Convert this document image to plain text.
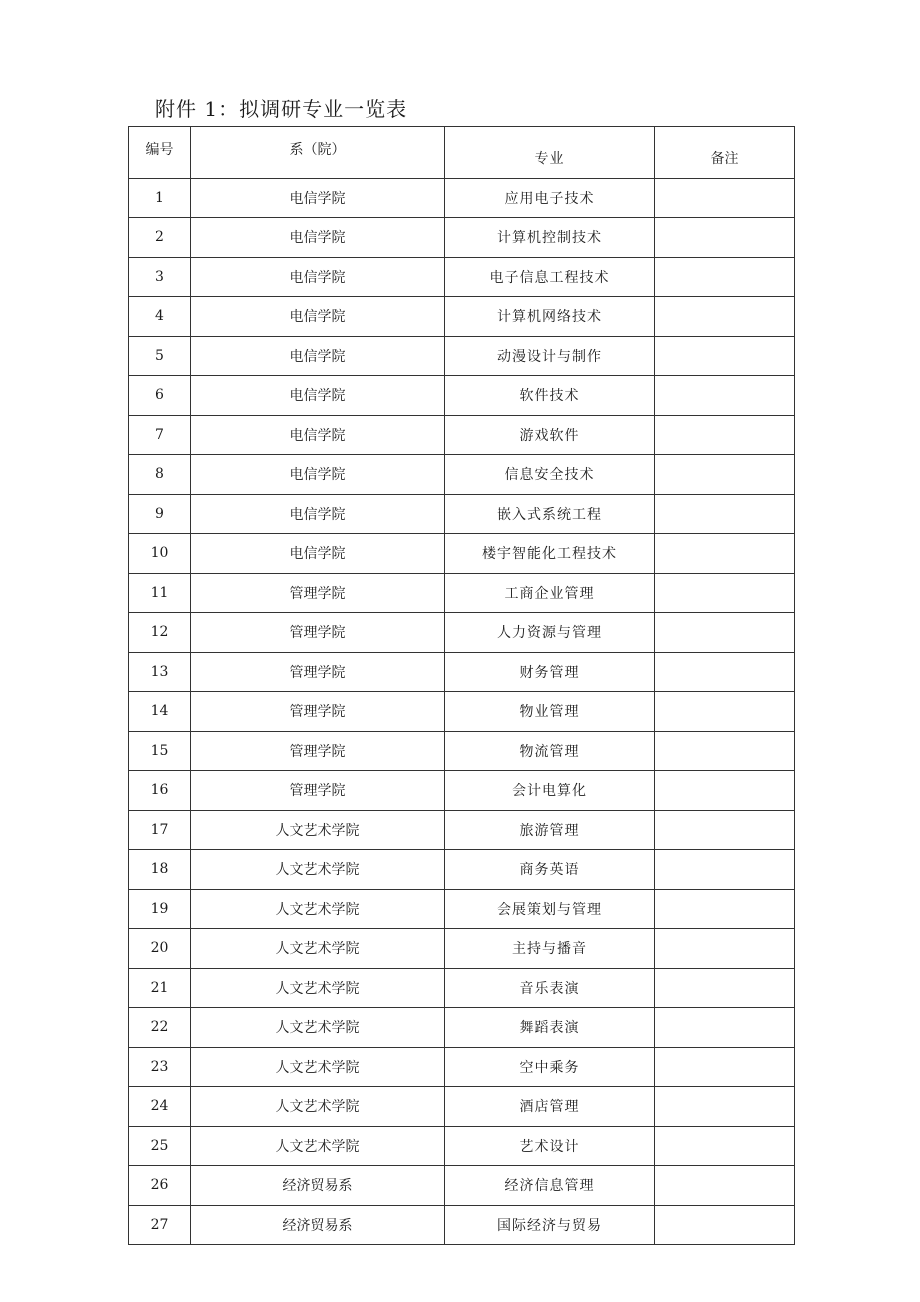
附件 1：拟调研专业一览表
编号	系（院）	专业	备注
1	电信学院	应用电子技术	
2	电信学院	计算机控制技术	
3	电信学院	电子信息工程技术	
4	电信学院	计算机网络技术	
5	电信学院	动漫设计与制作	
6	电信学院	软件技术	
7	电信学院	游戏软件	
8	电信学院	信息安全技术	
9	电信学院	嵌入式系统工程	
10	电信学院	楼宇智能化工程技术	
11	管理学院	工商企业管理	
12	管理学院	人力资源与管理	
13	管理学院	财务管理	
14	管理学院	物业管理	
15	管理学院	物流管理	
16	管理学院	会计电算化	
17	人文艺术学院	旅游管理	
18	人文艺术学院	商务英语	
19	人文艺术学院	会展策划与管理	
20	人文艺术学院	主持与播音	
21	人文艺术学院	音乐表演	
22	人文艺术学院	舞蹈表演	
23	人文艺术学院	空中乘务	
24	人文艺术学院	酒店管理	
25	人文艺术学院	艺术设计	
26	经济贸易系	经济信息管理	
27	经济贸易系	国际经济与贸易	
